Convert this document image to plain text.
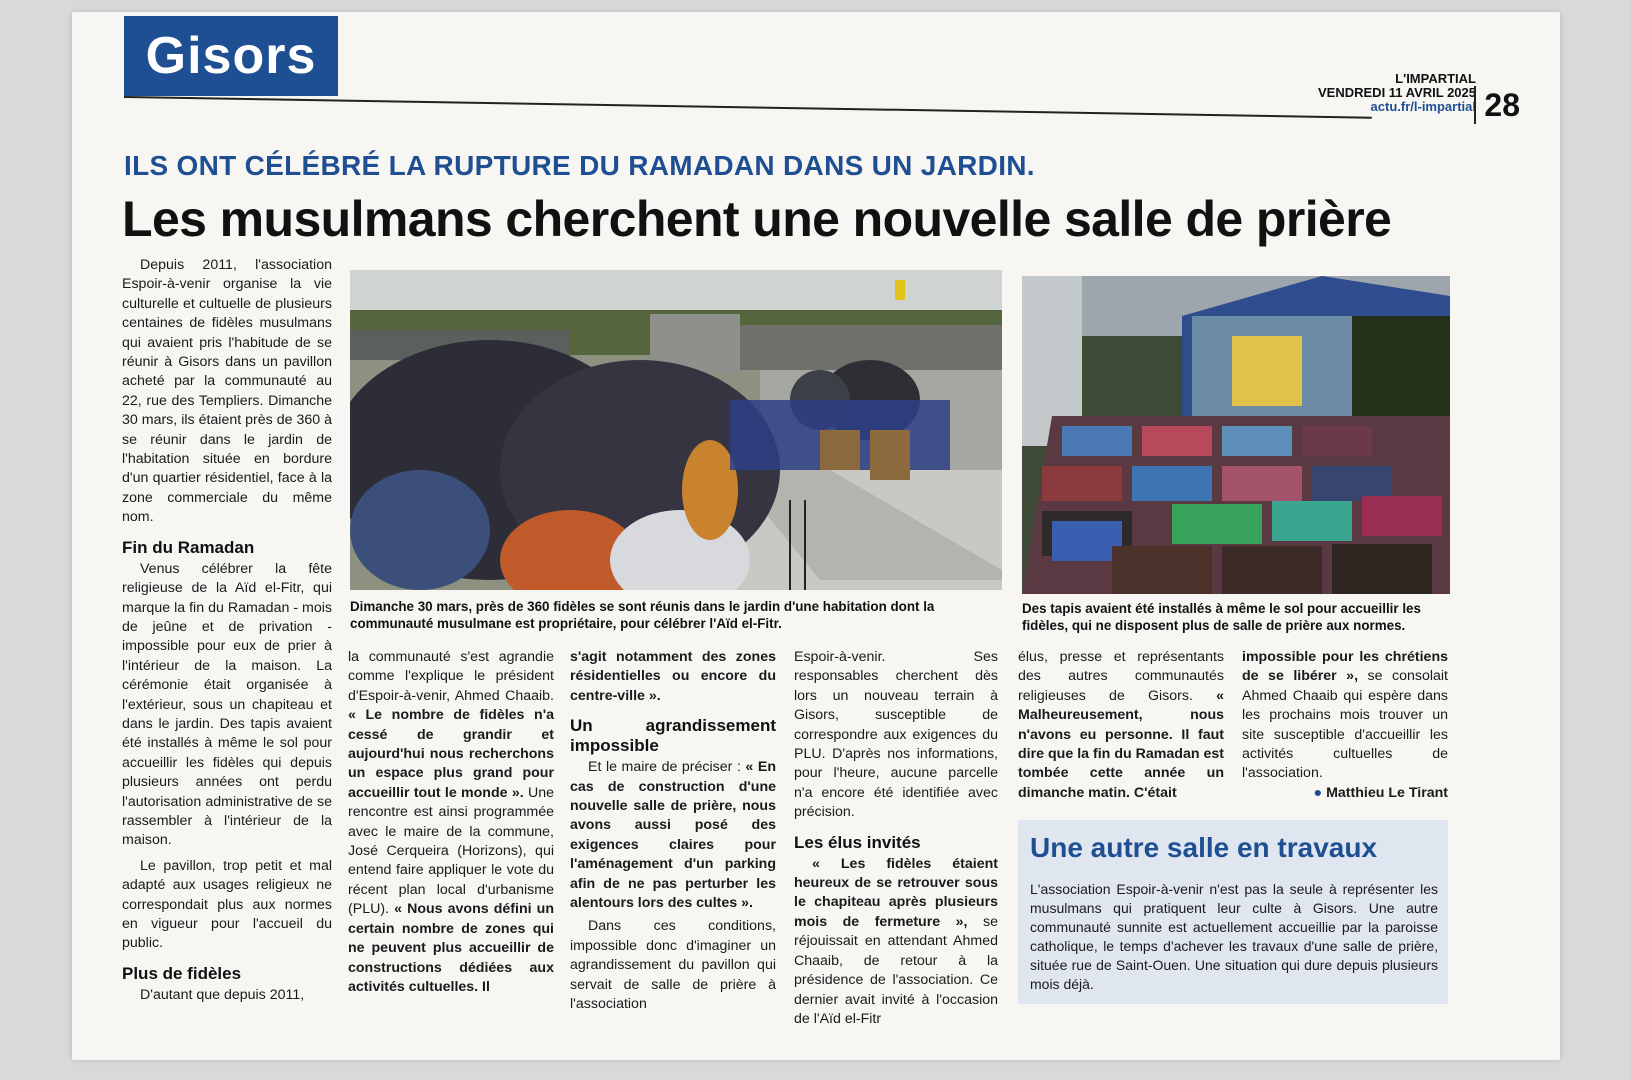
Gisors	L'IMPARTIAL
VENDREDI 11 AVRIL 2025
actu.fr/l-impartial 28
ILS ONT CÉLÉBRÉ LA RUPTURE DU RAMADAN DANS UN JARDIN.
Les musulmans cherchent une nouvelle salle de prière

Depuis 2011, l'association Espoir-à-venir organise la vie culturelle et cultuelle de plusieurs centaines de fidèles musulmans qui avaient pris l'habitude de se réunir à Gisors dans un pavillon acheté par la communauté au 22, rue des Templiers. Dimanche 30 mars, ils étaient près de 360 à se réunir dans le jardin de l'habitation située en bordure d'un quartier résidentiel, face à la zone commerciale du même nom.

Fin du Ramadan

Venus célébrer la fête religieuse de la Aïd el-Fitr, qui marque la fin du Ramadan - mois de jeûne et de privation - impossible pour eux de prier à l'intérieur de la maison. La cérémonie était organisée à l'extérieur, sous un chapiteau et dans le jardin. Des tapis avaient été installés à même le sol pour accueillir les fidèles qui depuis plusieurs années ont perdu l'autorisation administrative de se rassembler à l'intérieur de la maison.

Le pavillon, trop petit et mal adapté aux usages religieux ne correspondait plus aux normes en vigueur pour l'accueil du public.

Plus de fidèles

D'autant que depuis 2011,

Dimanche 30 mars, près de 360 fidèles se sont réunis dans le jardin d'une habitation dont la communauté musulmane est propriétaire, pour célébrer l'Aïd el-Fitr.
Des tapis avaient été installés à même le sol pour accueillir les fidèles, qui ne disposent plus de salle de prière aux normes.

la communauté s'est agrandie comme l'explique le président d'Espoir-à-venir, Ahmed Chaaib. « Le nombre de fidèles n'a cessé de grandir et aujourd'hui nous recherchons un espace plus grand pour accueillir tout le monde ». Une rencontre est ainsi programmée avec le maire de la commune, José Cerqueira (Horizons), qui entend faire appliquer le vote du récent plan local d'urbanisme (PLU). « Nous avons défini un certain nombre de zones qui ne peuvent plus accueillir de constructions dédiées aux activités cultuelles. Il

s'agit notamment des zones résidentielles ou encore du centre-ville ».

Un agrandissement impossible

Et le maire de préciser : « En cas de construction d'une nouvelle salle de prière, nous avons aussi posé des exigences claires pour l'aménagement d'un parking afin de ne pas perturber les alentours lors des cultes ».

Dans ces conditions, impossible donc d'imaginer un agrandissement du pavillon qui servait de salle de prière à l'association

Espoir-à-venir. Ses responsables cherchent dès lors un nouveau terrain à Gisors, susceptible de correspondre aux exigences du PLU. D'après nos informations, pour l'heure, aucune parcelle n'a encore été identifiée avec précision.

Les élus invités

« Les fidèles étaient heureux de se retrouver sous le chapiteau après plusieurs mois de fermeture », se réjouissait en attendant Ahmed Chaaib, de retour à la présidence de l'association. Ce dernier avait invité à l'occasion de l'Aïd el-Fitr

élus, presse et représentants des autres communautés religieuses de Gisors. « Malheureusement, nous n'avons eu personne. Il faut dire que la fin du Ramadan est tombée cette année un dimanche matin. C'était

impossible pour les chrétiens de se libérer », se consolait Ahmed Chaaib qui espère dans les prochains mois trouver un site susceptible d'accueillir les activités cultuelles de l'association.

● Matthieu Le Tirant
Une autre salle en travaux
L'association Espoir-à-venir n'est pas la seule à représenter les musulmans qui pratiquent leur culte à Gisors. Une autre communauté sunnite est actuellement accueillie par la paroisse catholique, le temps d'achever les travaux d'une salle de prière, située rue de Saint-Ouen. Une situation qui dure depuis plusieurs mois déjà.
